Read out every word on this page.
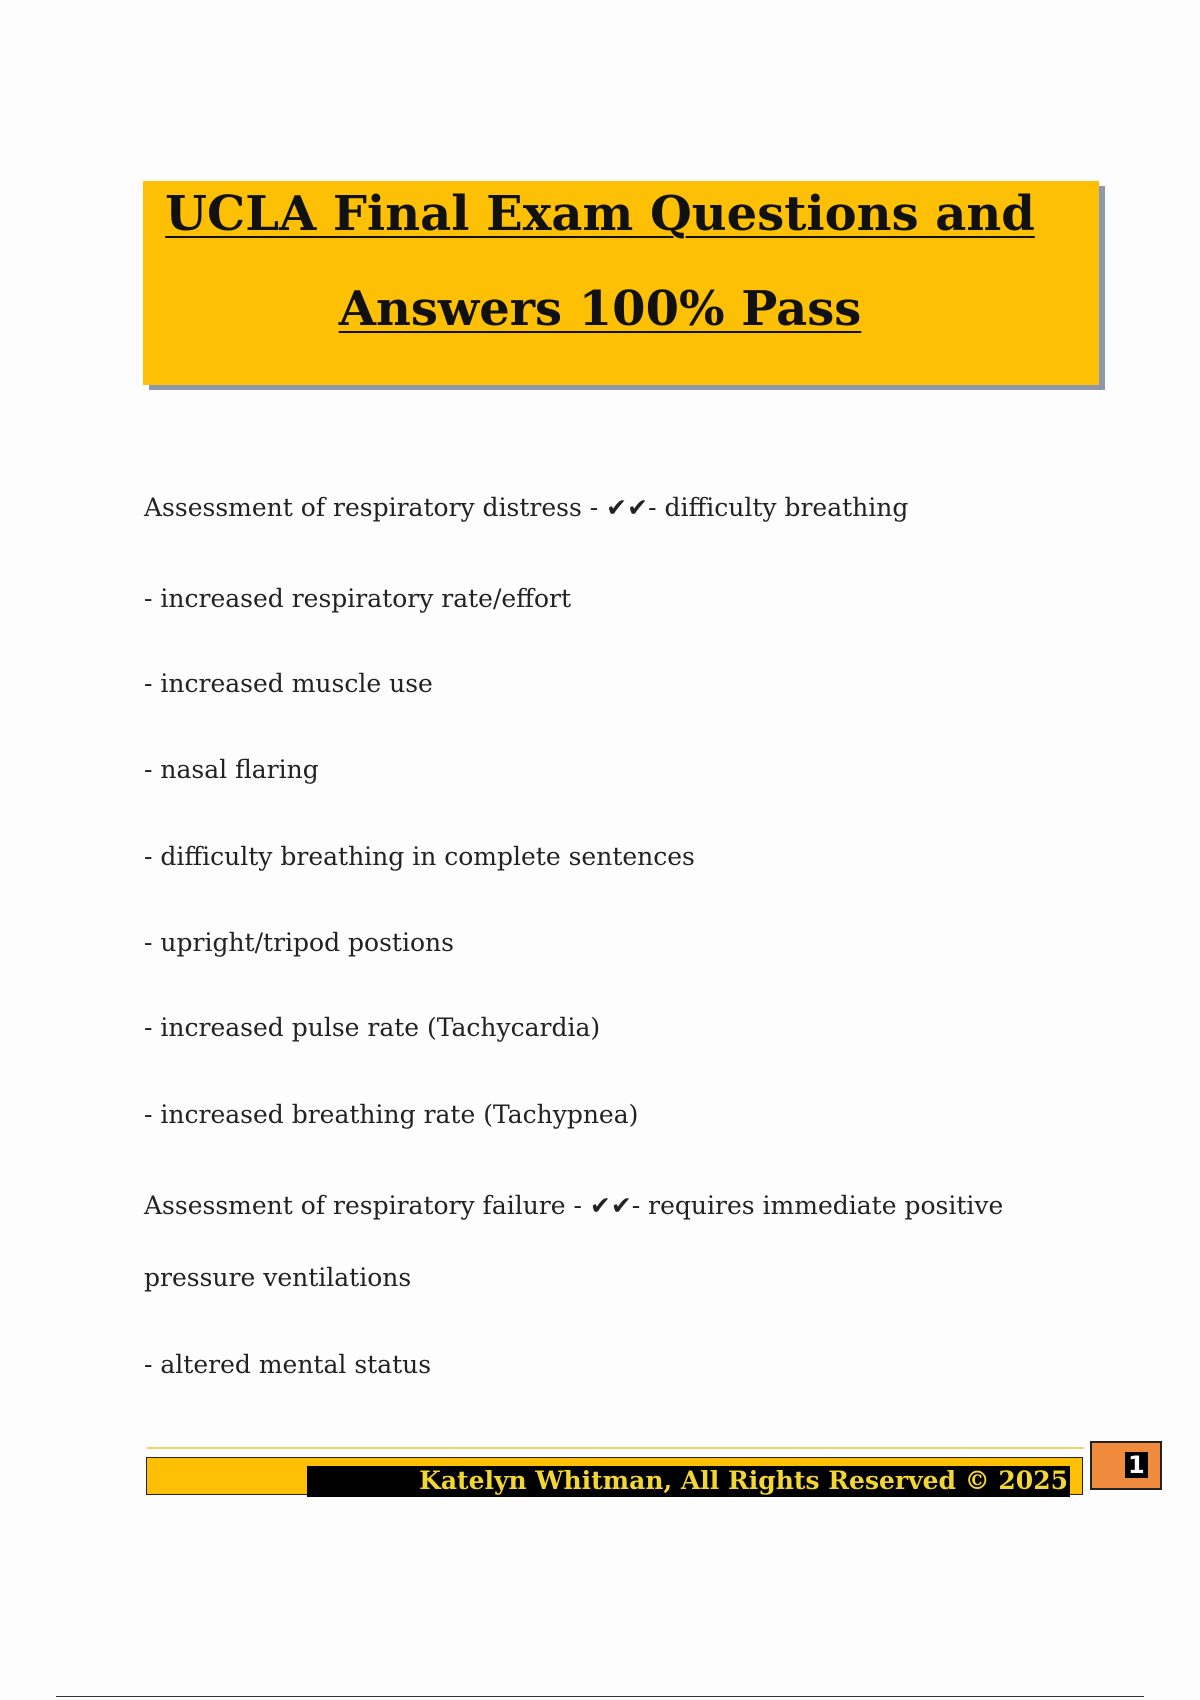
UCLA Final Exam Questions and
Answers 100% Pass
Assessment of respiratory distress - ✔✔- difficulty breathing
- increased respiratory rate/effort
- increased muscle use
- nasal flaring
- difficulty breathing in complete sentences
- upright/tripod postions
- increased pulse rate (Tachycardia)
- increased breathing rate (Tachypnea)
Assessment of respiratory failure - ✔✔- requires immediate positive
pressure ventilations
- altered mental status
Katelyn Whitman, All Rights Reserved © 2025
1
